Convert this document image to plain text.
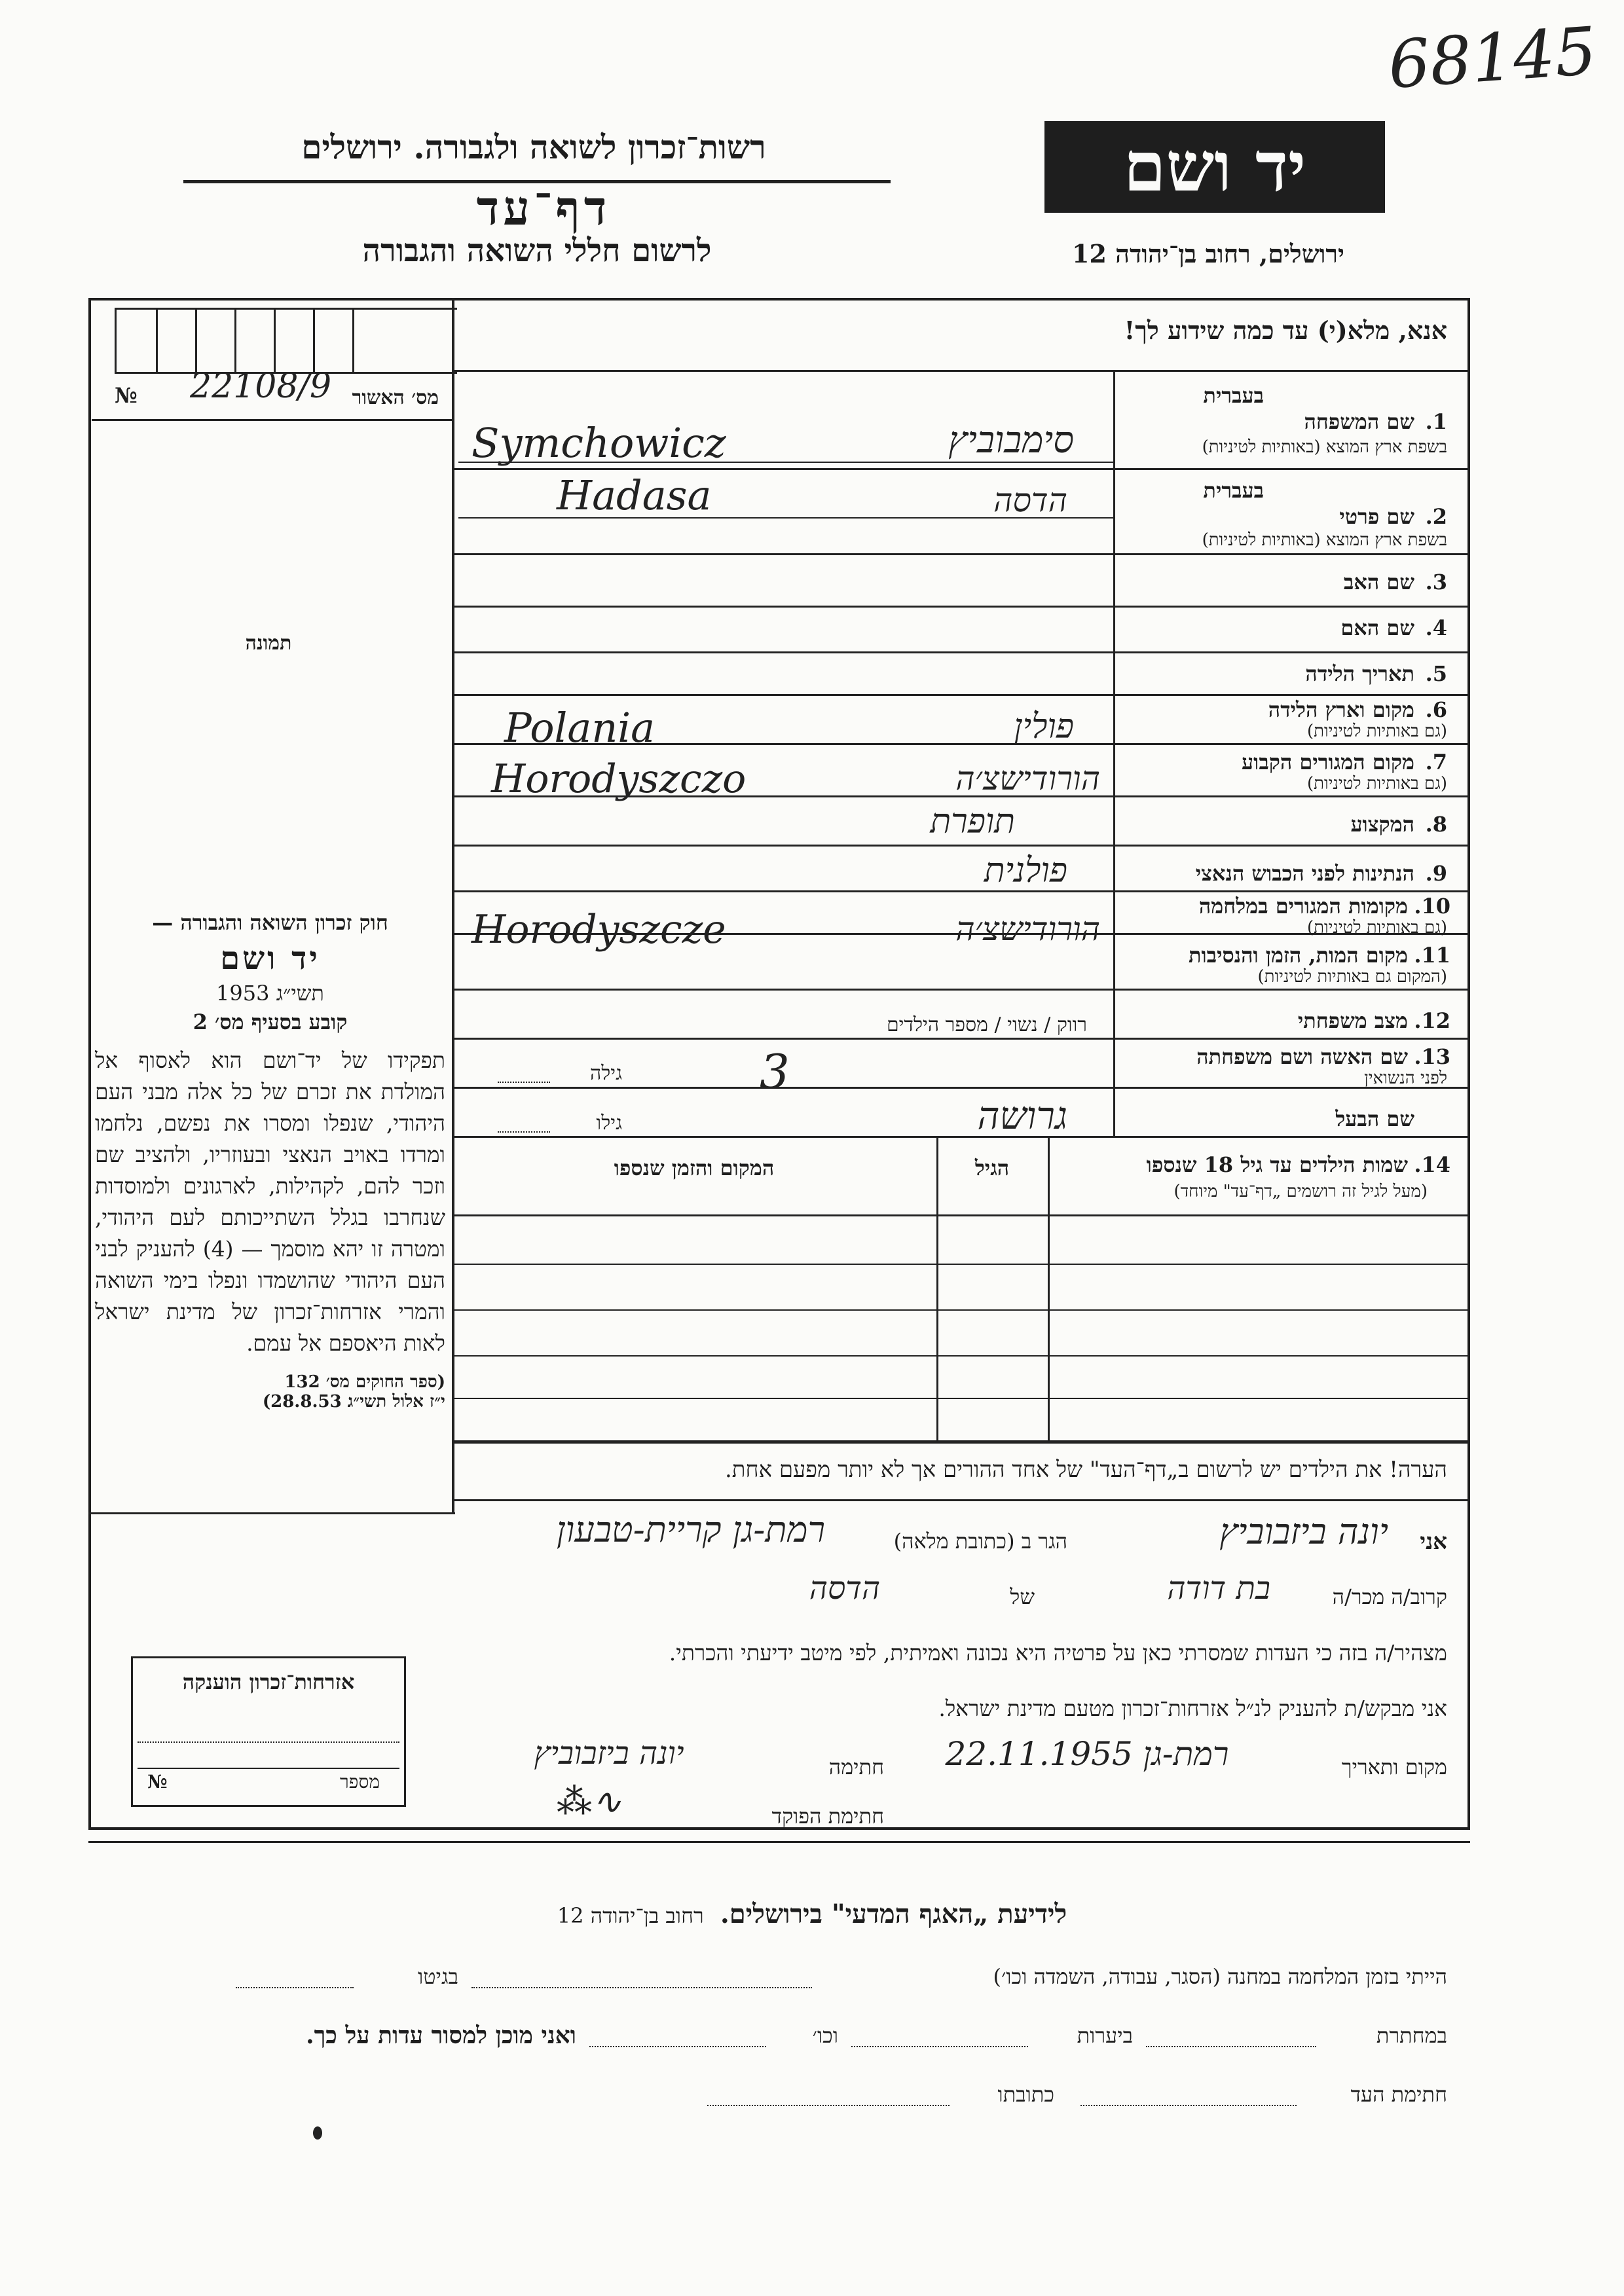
68145
רשות־זכרון לשואה ולגבורה. ירושלים
דף־עד
לרשום חללי השואה והגבורה
יד ושם
ירושלים, רחוב בן־יהודה 12
אנא, מלא(י) עד כמה שידוע לך!
№ 22108/9	מס׳ האשור
תמונה
1.
שם המשפחה
בעברית
בשפת ארץ המוצא (באותיות לטיניות)
Symchowicz	סימבוביץ
בעברית
2.
שם פרטי
בשפת ארץ המוצא (באותיות לטיניות)
Hadasa	הדסה
3.
שם האב
4.
שם האם
5.
תאריך הלידה
6.
מקום וארץ הלידה
(גם באותיות לטיניות)
Polania	פולין
7.
מקום המגורים הקבוע
(גם באותיות לטיניות)
Horodyszczo	הורודישצ׳ה
8.
המקצוע
תופרת
9.
הנתינות לפני הכבוש הנאצי
פולנית
10.
מקומות המגורים במלחמה
(גם באותיות לטיניות)
Horodyszcze	הורודישצ׳ה
11.
מקום המות, הזמן והנסיבות
(המקום גם באותיות לטיניות)
12.
מצב משפחתי
רווק / נשוי / מספר הילדים
13.
שם האשה ושם משפחתה
לפני הנשואין
גילה	3
שם הבעל
גילו	גרושה
14.
שמות הילדים עד גיל 18 שנספו
(מעל לגיל זה רושמים „דף־עד" מיוחד)
הגיל
המקום והזמן שנספו
הערה! את הילדים יש לרשום ב„דף־העד" של אחד ההורים אך לא יותר מפעם אחת.
חוק זכרון השואה והגבורה —
יד ושם
תשי״ג 1953
קובע בסעיף מס׳ 2
תפקידו של יד־ושם הוא לאסוף אל המולדת את זכרם של כל אלה מבני העם היהודי, שנפלו ומסרו את נפשם, נלחמו ומרדו באויב הנאצי ובעוזריו, ולהציב שם וזכר להם, לקהילות, לארגונים ולמוסדות שנחרבו בגלל השתייכותם לעם היהודי, ומטרה זו יהא מוסמך — (4) להעניק לבני העם היהודי שהושמדו ונפלו בימי השואה והמרי אזרחות־זכרון של מדינת ישראל לאות היאספם אל עמם.
(ספר החוקים מס׳ 132
י״ז אלול תשי״ג 28.8.53)
אני
יונה ביזבוביץ
הגר ב (כתובת מלאה)
רמת-גן קריית-טבעון
קרוב/ה מכר/ה
בת דודה
של
הדסה
מצהיר/ה בזה כי העדות שמסרתי כאן על פרטיה היא נכונה ואמיתית, לפי מיטב ידיעתי והכרתי.
אני מבקש/ת להעניק לנ״ל אזרחות־זכרון מטעם מדינת ישראל.
מקום ותאריך
רמת-גן 22.11.1955
חתימה
יונה ביזבוביץ
חתימת הפוקד
⁂∿
אזרחות־זכרון הוענקה
№	מספר
לידיעת „האגף המדעי" בירושלים. רחוב בן־יהודה 12
הייתי בזמן המלחמה במחנה (הסגר, עבודה, השמדה וכו׳)
בגיטו
במחתרת
ביערות
וכו׳
ואני מוכן למסור עדות על כך.
חתימת העד
כתובתו
